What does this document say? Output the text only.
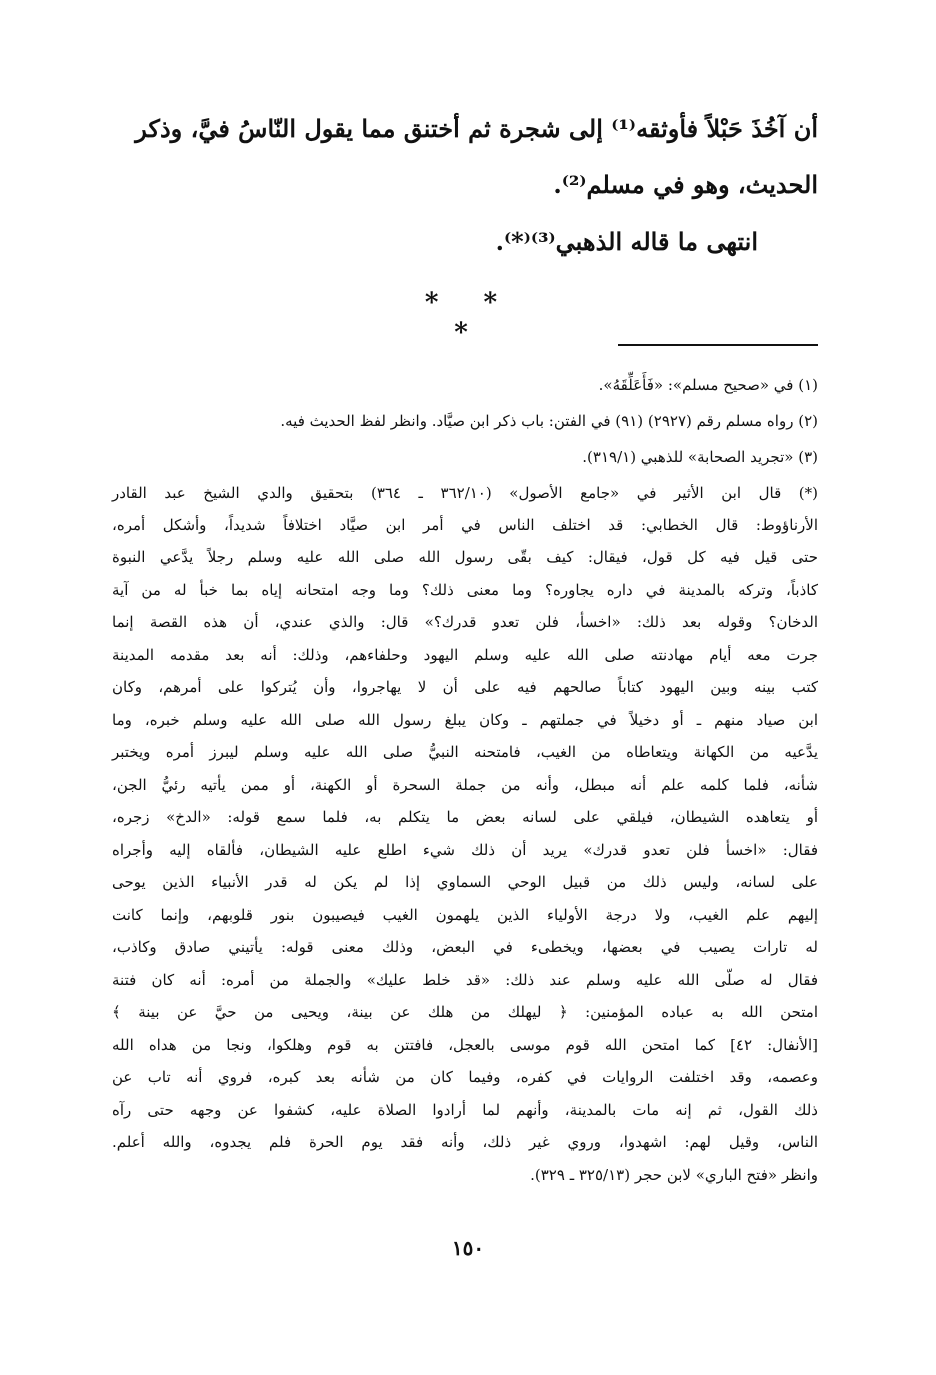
أن آخُذَ حَبْلاً فأوثقه⁽¹⁾ إلى شجرة ثم أختنق مما يقول النّاسُ فيَّ، وذكر
الحديث، وهو في مسلم⁽²⁾.
انتهى ما قاله الذهبي⁽³⁾⁽*⁾.
* * *
(١) في «صحيح مسلم»: «فَأَعَلِّقَهُ».
(٢) رواه مسلم رقم (٢٩٢٧) (٩١) في الفتن: باب ذكر ابن صيَّاد. وانظر لفظ الحديث فيه.
(٣) «تجريد الصحابة» للذهبي (٣١٩/١).
(*) قال ابن الأثير في «جامع الأصول» (٣٦٢/١٠ ـ ٣٦٤) بتحقيق والدي الشيخ عبد القادر
الأرناؤوط: قال الخطابي: قد اختلف الناس في أمر ابن صيَّاد اختلافاً شديداً، وأشكل أمره،
حتى قيل فيه كل قول، فيقال: كيف بقّى رسول الله صلى الله عليه وسلم رجلاً يدَّعي النبوة
كاذباً، وتركه بالمدينة في داره يجاوره؟ وما معنى ذلك؟ وما وجه امتحانه إياه بما خبأ له من آية
الدخان؟ وقوله بعد ذلك: «اخسأ، فلن تعدو قدرك؟» قال: والذي عندي، أن هذه القصة إنما
جرت معه أيام مهادنته صلى الله عليه وسلم اليهود وحلفاءهم، وذلك: أنه بعد مقدمه المدينة
كتب بينه وبين اليهود كتاباً صالحهم فيه على أن لا يهاجروا، وأن يُتركوا على أمرهم، وكان
ابن صياد منهم ـ أو دخيلاً في جملتهم ـ وكان يبلغ رسول الله صلى الله عليه وسلم خبره، وما
يدَّعيه من الكهانة ويتعاطاه من الغيب، فامتحنه النبيُّ صلى الله عليه وسلم ليبرز أمره ويختبر
شأنه، فلما كلمه علم أنه مبطل، وأنه من جملة السحرة أو الكهنة، أو ممن يأتيه رئيُّ الجن،
أو يتعاهده الشيطان، فيلقي على لسانه بعض ما يتكلم به، فلما سمع قوله: «الدخ» زجره،
فقال: «اخسأ فلن تعدو قدرك» يريد أن ذلك شيء اطلع عليه الشيطان، فألقاه إليه وأجراه
على لسانه، وليس ذلك من قبيل الوحي السماوي إذا لم يكن له قدر الأنبياء الذين يوحى
إليهم علم الغيب، ولا درجة الأولياء الذين يلهمون الغيب فيصيبون بنور قلوبهم، وإنما كانت
له تارات يصيب في بعضها، ويخطىء في البعض، وذلك معنى قوله: يأتيني صادق وكاذب،
فقال له صلّى الله عليه وسلم عند ذلك: «قد خلط عليك» والجملة من أمره: أنه كان فتنة
امتحن الله به عباده المؤمنين: ﴿ ليهلك من هلك عن بينة، ويحيى من حيَّ عن بينة ﴾
[الأنفال: ٤٢] كما امتحن الله قوم موسى بالعجل، فافتتن به قوم وهلكوا، ونجا من هداه الله
وعصمه، وقد اختلفت الروايات في كفره، وفيما كان من شأنه بعد كبره، فروي أنه تاب عن
ذلك القول، ثم إنه مات بالمدينة، وأنهم لما أرادوا الصلاة عليه، كشفوا عن وجهه حتى رآه
الناس، وقيل لهم: اشهدوا، وروي غير ذلك، وأنه فقد يوم الحرة فلم يجدوه، والله أعلم.
وانظر «فتح الباري» لابن حجر (٣٢٥/١٣ ـ ٣٢٩).
١٥٠
